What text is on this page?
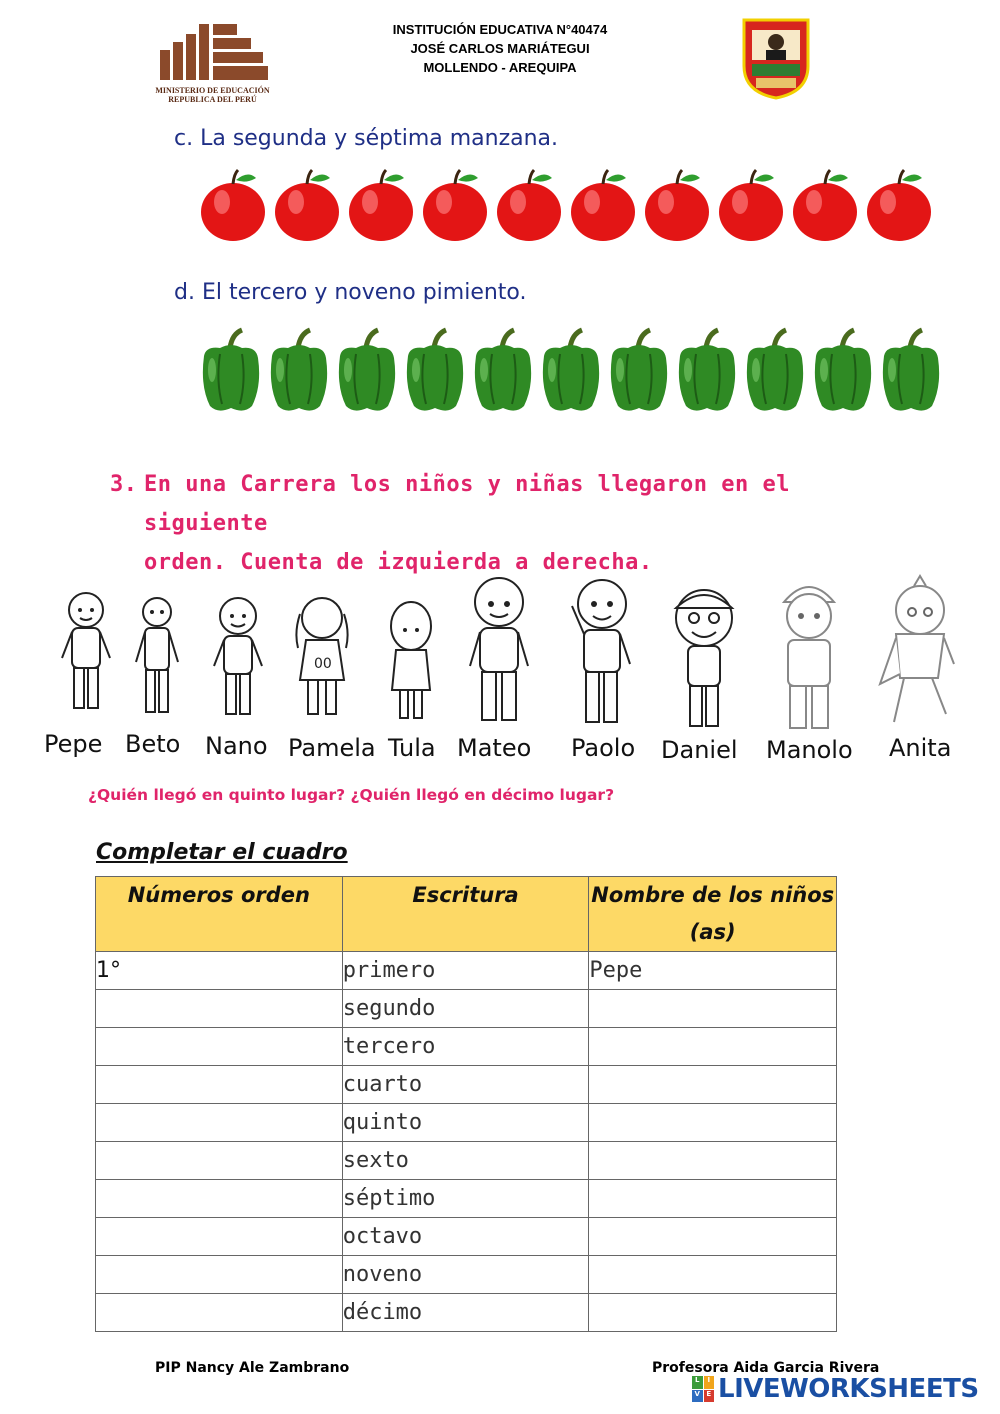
MINISTERIO DE EDUCACIÓN
REPUBLICA DEL PERÚ
INSTITUCIÓN EDUCATIVA N°40474
JOSÉ CARLOS MARIÁTEGUI
MOLLENDO - AREQUIPA
c. La segunda y séptima manzana.
d. El tercero y noveno pimiento.
3. En una Carrera los niños y niñas llegaron en el siguiente
orden. Cuenta de izquierda a derecha.
00
Pepe Beto Nano Pamela Tula Mateo Paolo Daniel Manolo Anita
¿Quién llegó en quinto lugar? ¿Quién llegó en décimo lugar?
Completar el cuadro
Números orden	Escritura	Nombre de los niños (as)
1°	primero	Pepe
	segundo	
	tercero	
	cuarto	
	quinto	
	sexto	
	séptimo	
	octavo	
	noveno	
	décimo	
PIP Nancy Ale Zambrano	Profesora Aida Garcia Rivera
L	I
V E LIVEWORKSHEETS
